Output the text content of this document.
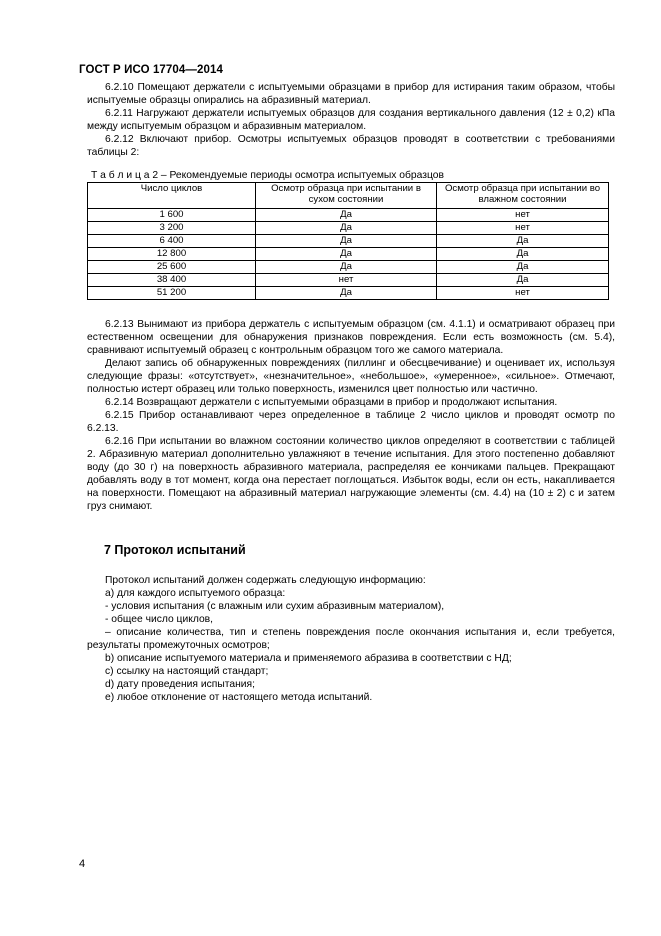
ГОСТ Р ИСО 17704—2014

6.2.10 Помещают держатели с испытуемыми образцами в прибор для истирания таким образом, чтобы испытуемые образцы опирались на абразивный материал.

6.2.11 Нагружают держатели испытуемых образцов для создания вертикального давления (12 ± 0,2) кПа между испытуемым образцом и абразивным материалом.

6.2.12 Включают прибор. Осмотры испытуемых образцов проводят в соответствии с требованиями таблицы 2:

Т а б л и ц а 2 – Рекомендуемые периоды осмотра испытуемых образцов
Число циклов	Осмотр образца при испытании в сухом состоянии	Осмотр образца при испытании во влажном состоянии
1 600	Да	нет
3 200	Да	нет
6 400	Да	Да
12 800	Да	Да
25 600	Да	Да
38 400	нет	Да
51 200	Да	нет

6.2.13 Вынимают из прибора держатель с испытуемым образцом (см. 4.1.1) и осматривают образец при естественном освещении для обнаружения признаков повреждения. Если есть возможность (см. 5.4), сравнивают испытуемый образец с контрольным образцом того же самого материала.

Делают запись об обнаруженных повреждениях (пиллинг и обесцвечивание) и оценивает их, используя следующие фразы: «отсутствует», «незначительное», «небольшое», «умеренное», «сильное». Отмечают, полностью истерт образец или только поверхность, изменился цвет полностью или частично.

6.2.14 Возвращают держатели с испытуемыми образцами в прибор и продолжают испытания.

6.2.15 Прибор останавливают через определенное в таблице 2 число циклов и проводят осмотр по 6.2.13.

6.2.16 При испытании во влажном состоянии количество циклов определяют в соответствии с таблицей 2. Абразивную материал дополнительно увлажняют в течение испытания. Для этого постепенно добавляют воду (до 30 г) на поверхность абразивного материала, распределяя ее кончиками пальцев. Прекращают добавлять воду в тот момент, когда она перестает поглощаться. Избыток воды, если он есть, накапливается на поверхности. Помещают на абразивный материал нагружающие элементы (см. 4.4) на (10 ± 2) с и затем груз снимают.

7 Протокол испытаний

Протокол испытаний должен содержать следующую информацию:

a) для каждого испытуемого образца:

- условия испытания (с влажным или сухим абразивным материалом),

- общее число циклов,

– описание количества, тип и степень повреждения после окончания испытания и, если требуется, результаты промежуточных осмотров;

b) описание испытуемого материала и применяемого абразива в соответствии с НД;

c) ссылку на настоящий стандарт;

d) дату проведения испытания;

e) любое отклонение от настоящего метода испытаний.

4
